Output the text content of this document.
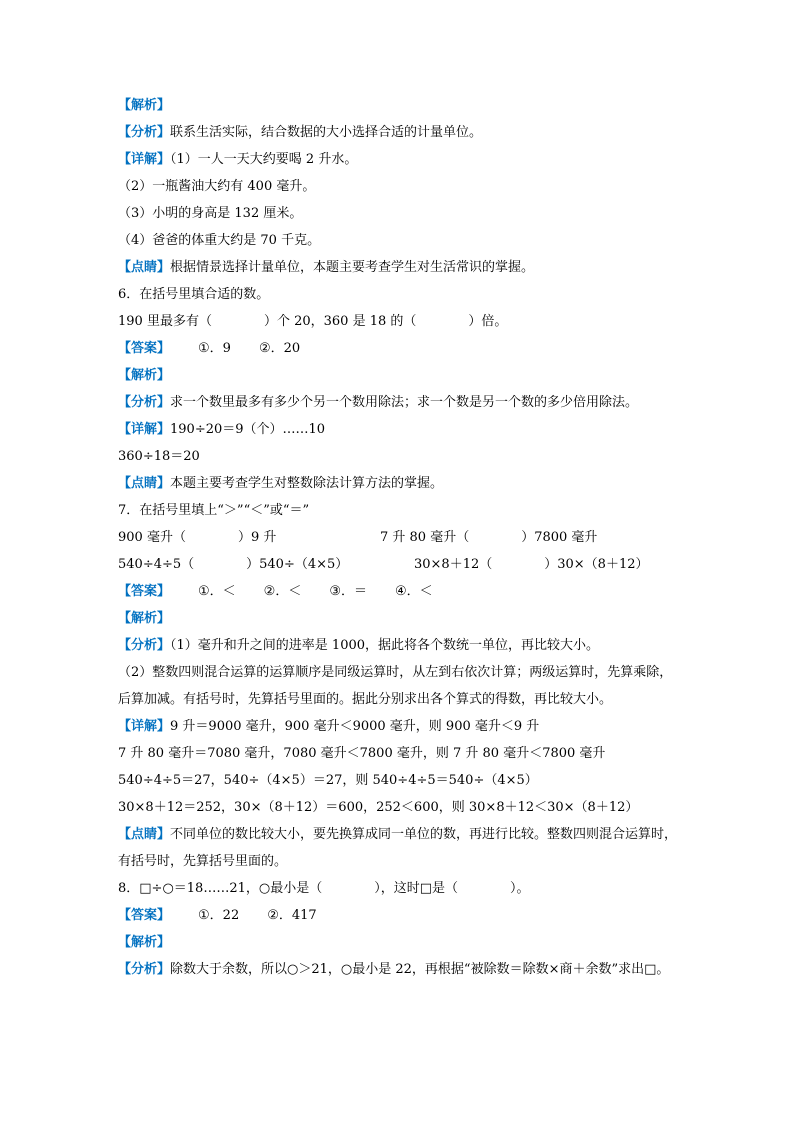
【解析】
【分析】联系生活实际，结合数据的大小选择合适的计量单位。
【详解】（1）一人一天大约要喝 2 升水。
（2）一瓶酱油大约有 400 毫升。
（3）小明的身高是 132 厘米。
（4）爸爸的体重大约是 70 千克。
【点睛】根据情景选择计量单位，本题主要考查学生对生活常识的掌握。
6．在括号里填合适的数。
190 里最多有（　　　　）个 20，360 是 18 的（　　　　）倍。
【答案】 ①．9 ②．20
【解析】
【分析】求一个数里最多有多少个另一个数用除法；求一个数是另一个数的多少倍用除法。
【详解】190÷20＝9（个）……10
360÷18＝20
【点睛】本题主要考查学生对整数除法计算方法的掌握。
7．在括号里填上“＞”“＜”或“＝”
900 毫升（　　　　）9 升	7 升 80 毫升（　　　　）7800 毫升
540÷4÷5（　　　　）540÷（4×5）	30×8＋12（　　　　）30×（8＋12）
【答案】 ①．＜ ②．＜ ③．＝ ④．＜
【解析】
【分析】（1）毫升和升之间的进率是 1000，据此将各个数统一单位，再比较大小。
（2）整数四则混合运算的运算顺序是同级运算时，从左到右依次计算；两级运算时，先算乘除，后算加减。有括号时，先算括号里面的。据此分别求出各个算式的得数，再比较大小。
【详解】9 升＝9000 毫升，900 毫升＜9000 毫升，则 900 毫升＜9 升
7 升 80 毫升＝7080 毫升，7080 毫升＜7800 毫升，则 7 升 80 毫升＜7800 毫升
540÷4÷5＝27，540÷（4×5）＝27，则 540÷4÷5＝540÷（4×5）
30×8＋12＝252，30×（8＋12）＝600，252＜600，则 30×8＋12＜30×（8＋12）
【点睛】不同单位的数比较大小，要先换算成同一单位的数，再进行比较。整数四则混合运算时，有括号时，先算括号里面的。
8．□÷○＝18……21，○最小是（　　　　），这时□是（　　　　）。
【答案】 ①．22 ②．417
【解析】
【分析】除数大于余数，所以○＞21，○最小是 22，再根据“被除数＝除数×商＋余数”求出□。
